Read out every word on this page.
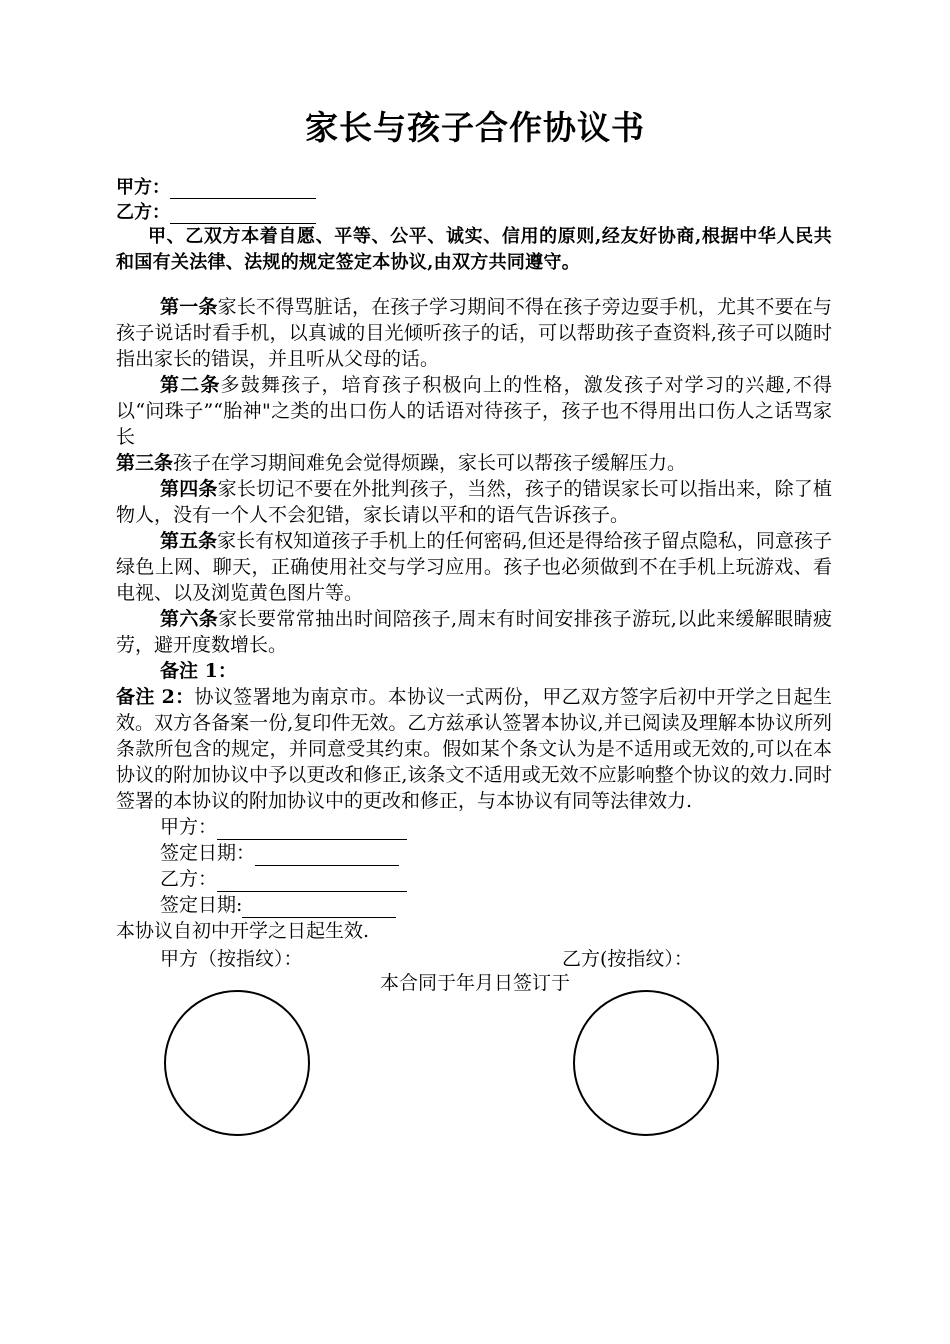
家长与孩子合作协议书
甲方：
乙方：
甲、乙双方本着自愿、平等、公平、诚实、信用的原则,经友好协商,根据中华人民共和国有关法律、法规的规定签定本协议,由双方共同遵守。

第一条家长不得骂脏话，在孩子学习期间不得在孩子旁边耍手机，尤其不要在与孩子说话时看手机，以真诚的目光倾听孩子的话，可以帮助孩子查资料,孩子可以随时指出家长的错误，并且听从父母的话。

第二条多鼓舞孩子，培育孩子积极向上的性格，激发孩子对学习的兴趣,不得以“问珠子”“胎神"之类的出口伤人的话语对待孩子，孩子也不得用出口伤人之话骂家长

第三条孩子在学习期间难免会觉得烦躁，家长可以帮孩子缓解压力。

第四条家长切记不要在外批判孩子，当然，孩子的错误家长可以指出来，除了植物人，没有一个人不会犯错，家长请以平和的语气告诉孩子。

第五条家长有权知道孩子手机上的任何密码,但还是得给孩子留点隐私，同意孩子绿色上网、聊天，正确使用社交与学习应用。孩子也必须做到不在手机上玩游戏、看电视、以及浏览黄色图片等。

第六条家长要常常抽出时间陪孩子,周末有时间安排孩子游玩,以此来缓解眼睛疲劳，避开度数增长。

备注 1：

备注 2：协议签署地为南京市。本协议一式两份，甲乙双方签字后初中开学之日起生效。双方各备案一份,复印件无效。乙方兹承认签署本协议,并已阅读及理解本协议所列条款所包含的规定，并同意受其约束。假如某个条文认为是不适用或无效的,可以在本协议的附加协议中予以更改和修正,该条文不适用或无效不应影响整个协议的效力.同时签署的本协议的附加协议中的更改和修正，与本协议有同等法律效力.

甲方：

签定日期：

乙方：

签定日期:

本协议自初中开学之日起生效.

甲方（按指纹）：	乙方(按指纹）：
本合同于年月日签订于
